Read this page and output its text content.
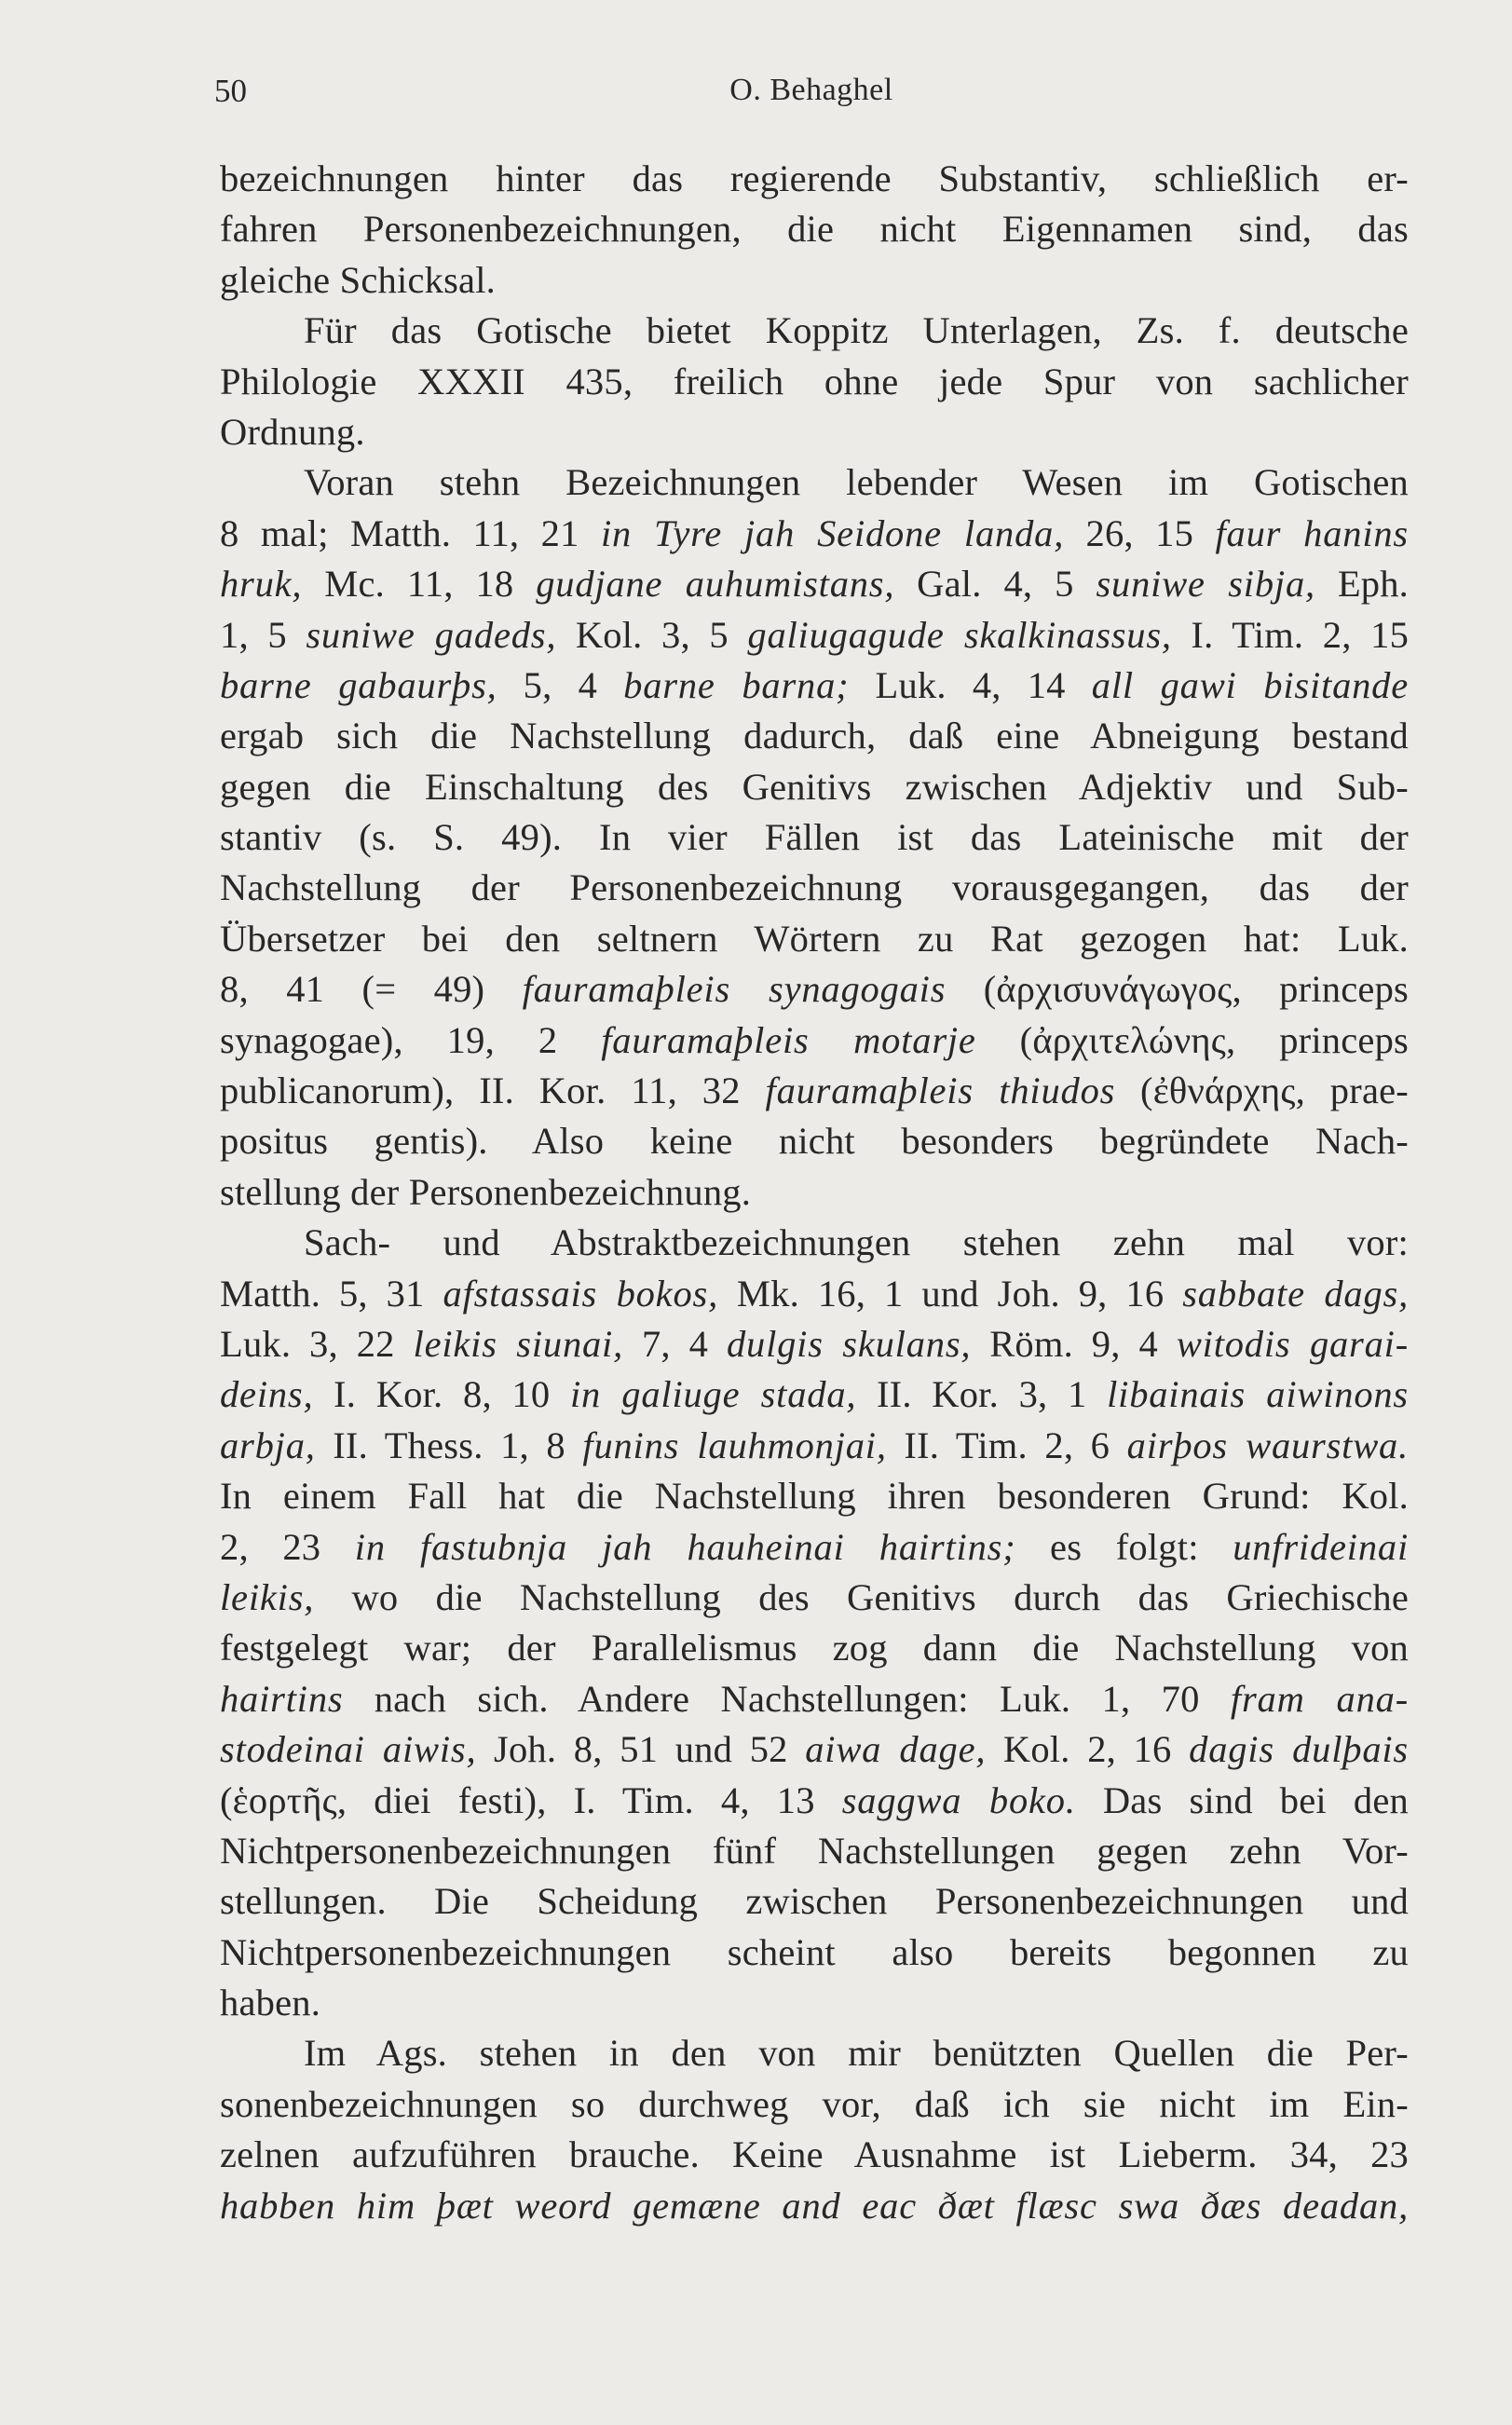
50	O. Behaghel
bezeichnungen hinter das regierende Substantiv, schließlich er-
fahren Personenbezeichnungen, die nicht Eigennamen sind, das
gleiche Schicksal.
Für das Gotische bietet Koppitz Unterlagen, Zs. f. deutsche
Philologie XXXII 435, freilich ohne jede Spur von sachlicher
Ordnung.
Voran stehn Bezeichnungen lebender Wesen im Gotischen
8 mal; Matth. 11, 21 in Tyre jah Seidone landa, 26, 15 faur hanins
hruk, Mc. 11, 18 gudjane auhumistans, Gal. 4, 5 suniwe sibja, Eph.
1, 5 suniwe gadeds, Kol. 3, 5 galiugagude skalkinassus, I. Tim. 2, 15
barne gabaurþs, 5, 4 barne barna; Luk. 4, 14 all gawi bisitande
ergab sich die Nachstellung dadurch, daß eine Abneigung bestand
gegen die Einschaltung des Genitivs zwischen Adjektiv und Sub-
stantiv (s. S. 49). In vier Fällen ist das Lateinische mit der
Nachstellung der Personenbezeichnung vorausgegangen, das der
Übersetzer bei den seltnern Wörtern zu Rat gezogen hat: Luk.
8, 41 (= 49) fauramaþleis synagogais (ἀρχισυνάγωγος, princeps
synagogae), 19, 2 fauramaþleis motarje (ἀρχιτελώνης, princeps
publicanorum), II. Kor. 11, 32 fauramaþleis thiudos (ἐθνάρχης, prae-
positus gentis). Also keine nicht besonders begründete Nach-
stellung der Personenbezeichnung.
Sach- und Abstraktbezeichnungen stehen zehn mal vor:
Matth. 5, 31 afstassais bokos, Mk. 16, 1 und Joh. 9, 16 sabbate dags,
Luk. 3, 22 leikis siunai, 7, 4 dulgis skulans, Röm. 9, 4 witodis garai-
deins, I. Kor. 8, 10 in galiuge stada, II. Kor. 3, 1 libainais aiwinons
arbja, II. Thess. 1, 8 funins lauhmonjai, II. Tim. 2, 6 airþos waurstwa.
In einem Fall hat die Nachstellung ihren besonderen Grund: Kol.
2, 23 in fastubnja jah hauheinai hairtins; es folgt: unfrideinai
leikis, wo die Nachstellung des Genitivs durch das Griechische
festgelegt war; der Parallelismus zog dann die Nachstellung von
hairtins nach sich. Andere Nachstellungen: Luk. 1, 70 fram ana-
stodeinai aiwis, Joh. 8, 51 und 52 aiwa dage, Kol. 2, 16 dagis dulþais
(ἑορτῆς, diei festi), I. Tim. 4, 13 saggwa boko. Das sind bei den
Nichtpersonenbezeichnungen fünf Nachstellungen gegen zehn Vor-
stellungen. Die Scheidung zwischen Personenbezeichnungen und
Nichtpersonenbezeichnungen scheint also bereits begonnen zu
haben.
Im Ags. stehen in den von mir benützten Quellen die Per-
sonenbezeichnungen so durchweg vor, daß ich sie nicht im Ein-
zelnen aufzuführen brauche. Keine Ausnahme ist Lieberm. 34, 23
habben him þæt weord gemæne and eac ðæt flæsc swa ðæs deadan,
